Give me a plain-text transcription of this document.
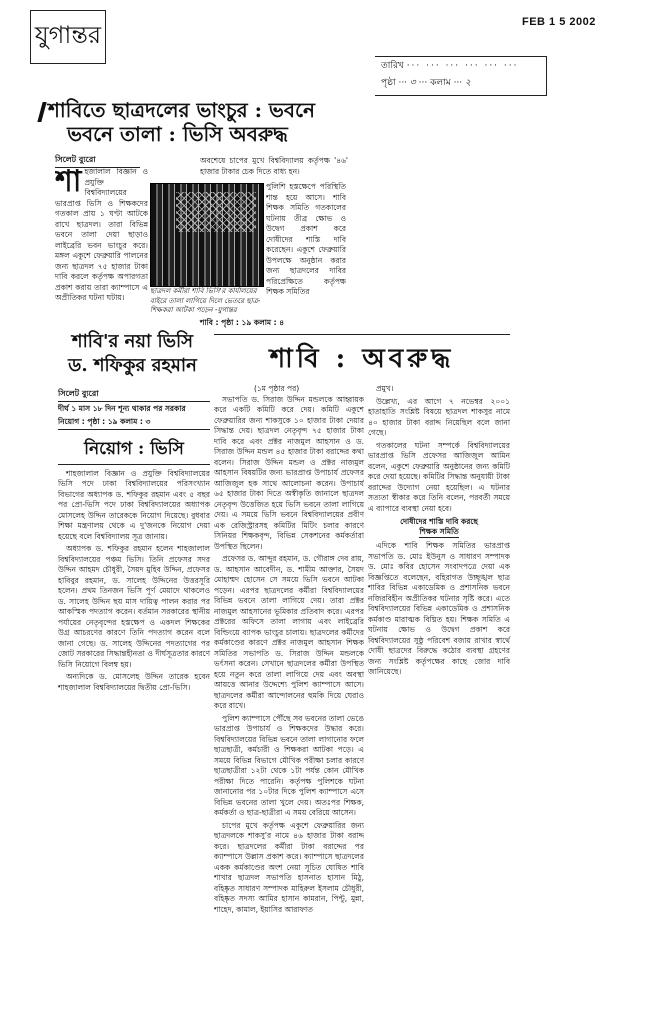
যুগান্তর	FEB 1 5 2002
তারিখ ··· ··· ··· ··· ··· ···
পৃষ্ঠা ··· ৩ ··· কলাম ··· ২
শাবিতে ছাত্রদলের ভাংচুর : ভবনে
ভবনে তালা : ভিসি অবরুদ্ধ
সিলেট ব্যুরো	অবশেষে চাপের মুখে বিশ্ববিদ্যালয় কর্তৃপক্ষ '৪৬' হাজার টাকার চেক দিতে বাধ্য হন।
শা হজালাল বিজ্ঞান ও প্রযুক্তি বিশ্ববিদ্যালয়ের ভারপ্রাপ্ত ভিসি ও শিক্ষকদের গতকাল প্রায় ১ ঘণ্টা আটকে রাখে ছাত্রদল। তারা বিভিন্ন ভবনে তালা দেয়া ছাড়াও লাইব্রেরি ভবন ভাংচুর করে। মঙ্গল একুশে ফেব্রুয়ারি পালনের জন্য ছাত্রদল ৭৫ হাজার টাকা দাবি করলে কর্তৃপক্ষ অপারগতা প্রকাশ করায় তারা ক্যাম্পাসে এ অপ্রীতিকর ঘটনা ঘটায়।
পুলিশি হস্তক্ষেপে পরিস্থিতি শান্ত হয়ে আসে। শাবি শিক্ষক সমিতি গতকালের ঘটনায় তীব্র ক্ষোভ ও উদ্বেগ প্রকাশ করে দোষীদের শাস্তি দাবি করেছেন। একুশে ফেব্রুয়ারি উপলক্ষে অনুষ্ঠান করার জন্য ছাত্রদলের দাবির পরিপ্রেক্ষিতে কর্তৃপক্ষ শিক্ষক সমিতির
ছাত্রদল কর্মীরা শাবি ভিসি'র কার্যালয়ের বাইরে তালা লাগিয়ে দিলে ভেতরে ছাত্র-শিক্ষকরা আটকা পড়েন -যুগান্তর
শাবি : পৃষ্ঠা : ১৯ কলাম : ৪
শাবি'র নয়া ভিসি
ড. শফিকুর রহমান
সিলেট ব্যুরো
দীর্ঘ ১ মাস ১৮ দিন শূন্য থাকার পর সরকার
নিয়োগ : পৃষ্ঠা : ১৯ কলাম : ৩
নিয়োগ : ভিসি

শাহজালাল বিজ্ঞান ও প্রযুক্তি বিশ্ববিদ্যালয়ের ভিসি পদে ঢাকা বিশ্ববিদ্যালয়ের পরিসংখ্যান বিভাগের অধ্যাপক ড. শফিকুর রহমান এবং ৫ বছর পর প্রো-ভিসি পদে ঢাকা বিশ্ববিদ্যালয়ের অধ্যাপক মোসলেহ উদ্দিন তারেককে নিয়োগ দিয়েছে। বুধবার শিক্ষা মন্ত্রণালয় থেকে এ দু'জনকে নিয়োগ দেয়া হয়েছে বলে বিশ্ববিদ্যালয় সূত্র জানায়।

অধ্যাপক ড. শফিকুর রহমান হলেন শাহজালাল বিশ্ববিদ্যালয়ের পঞ্চম ভিসি। তিনি প্রফেসর সদর উদ্দিন আহমদ চৌধুরী, সৈয়দ মুহিব উদ্দিন, প্রফেসর হাবিবুর রহমান, ড. সালেহ উদ্দিনের উত্তরসূরি হলেন। প্রথম তিনজন ভিসি পূর্ণ মেয়াদে থাকলেও ড. সালেহ উদ্দিন ছয় মাস দায়িত্ব পালন করার পর আকস্মিক পদত্যাগ করেন। বর্তমান সরকারের স্থানীয় পর্যায়ের নেতৃবৃন্দের হস্তক্ষেপ ও একদল শিক্ষকের উগ্র আচরণের কারণে তিনি পদত্যাগ করেন বলে জানা গেছে। ড. সালেহ উদ্দিনের পদত্যাগের পর জোট সরকারের সিদ্ধান্তহীনতা ও দীর্ঘসূত্রতার কারণে ভিসি নিয়োগে বিলম্ব হয়।

অন্যদিকে ড. মোসলেহ উদ্দিন তারেক হবেন শাহজালাল বিশ্ববিদ্যালয়ের দ্বিতীয় প্রো-ভিসি।

শাবি : অবরুদ্ধ
(১ম পৃষ্ঠার পর)

সভাপতি ড. সিরাজ উদ্দিন মন্ডলকে আহ্বায়ক করে একটি কমিটি করে দেয়। কমিটি একুশে ফেব্রুয়ারির জন্য শাকসুকে ১০ হাজার টাকা দেয়ার সিদ্ধান্ত দেয়। ছাত্রদল নেতৃবৃন্দ ৭৫ হাজার টাকা দাবি করে এবং প্রক্টর নাজমুল আহসান ও ড. সিরাজ উদ্দিন মন্ডল ৪৫ হাজার টাকা বরাদ্দের কথা বলেন। সিরাজ উদ্দিন মন্ডল ও প্রক্টর নাজমুল আহসান বিষয়টির জন্য ভারপ্রাপ্ত উপাচার্য প্রফেসর আজিজুল হক সাথে আলোচনা করেন। উপাচার্য ৬৫ হাজার টাকা দিতে অস্বীকৃতি জানালে ছাত্রদল নেতৃবৃন্দ উত্তেজিত হয়ে ভিসি ভবনে তালা লাগিয়ে দেয়। এ সময়ে ভিসি ভবনে বিশ্ববিদ্যালয়ের প্রবীণ এক রেজিস্ট্রারসহ কমিটির মিটিং চলার কারণে সিনিয়র শিক্ষকবৃন্দ, বিভিন্ন সেকশনের কর্মকর্তারা উপস্থিত ছিলেন।

প্রফেসর ড. আব্দুর রহমান, ড. গৌরাঙ্গ দেব রায়, ড. আহসান আবেদীন, ড. শামীম আক্তার, সৈয়দ মোহাম্মদ হোসেন সে সময়ে ভিসি ভবনে আটকা পড়েন। এরপর ছাত্রদলের কর্মীরা বিশ্ববিদ্যালয়ের বিভিন্ন ভবনে তালা লাগিয়ে দেয়। তারা প্রক্টর নাজমুল আহসানের ভূমিকার প্রতিবাদ করে। এরপর প্রক্টরের অফিসে তালা লাগায় এবং লাইব্রেরি বিল্ডিংয়ে ব্যাপক ভাংচুর চালায়। ছাত্রদলের কর্মীদের কর্মকাণ্ডের কারণে প্রক্টর নাজমুল আহসান শিক্ষক সমিতির সভাপতি ড. সিরাজ উদ্দিন মন্ডলকে ভর্ৎসনা করেন। সেখানে ছাত্রদলের কর্মীরা উপস্থিত হয়ে নতুন করে তালা লাগিয়ে দেয় এবং অবস্থা আয়ত্তে আনার উদ্দেশ্যে পুলিশ ক্যাম্পাসে আসে। ছাত্রদলের কর্মীরা আন্দোলনের হুমকি দিয়ে ঘেরাও করে রাখে।

পুলিশ ক্যাম্পাসে পৌঁছে সব ভবনের তালা ভেঙে ভারপ্রাপ্ত উপাচার্য ও শিক্ষকদের উদ্ধার করে। বিশ্ববিদ্যালয়ের বিভিন্ন ভবনে তালা লাগানোর ফলে ছাত্রছাত্রী, কর্মচারী ও শিক্ষকরা আটকা পড়ে। এ সময়ে বিভিন্ন বিভাগে মৌখিক পরীক্ষা চলার কারণে ছাত্রছাত্রীরা ১২টা থেকে ১টা পর্যন্ত কোন মৌখিক পরীক্ষা দিতে পারেনি। কর্তৃপক্ষ পুলিশকে ঘটনা জানানোর পর ১০টার দিকে পুলিশ ক্যাম্পাসে এসে বিভিন্ন ভবনের তালা খুলে দেয়। অতঃপর শিক্ষক, কর্মকর্তা ও ছাত্র-ছাত্রীরা এ সময় বেরিয়ে আসেন।

চাপের মুখে কর্তৃপক্ষ একুশে ফেব্রুয়ারির জন্য ছাত্রদলকে শাকসু'র নামে ৪৬ হাজার টাকা বরাদ্দ করে। ছাত্রদলের কর্মীরা টাকা বরাদ্দের পর ক্যাম্পাসে উল্লাস প্রকাশ করে। ক্যাম্পাসে ছাত্রদলের একক কর্মকাণ্ডের অংশ নেয়া সূচিত ঘোষিত শাবি শাখার ছাত্রদল সভাপতি হাসনাত হাসান মিঠু, বহিষ্কৃত সাধারণ সম্পাদক মাহিরুল ইসলাম চৌধুরী, বহিষ্কৃত সদস্য আমির হাসান কামরান, পিন্টু, মুন্না, শাহেদ, কামাল, ইয়াসির আরাফাত

প্রমুখ।

উল্লেখ্য, এর আগে ৭ নভেম্বর ২০০১ হাতাহাতি সংশ্লিষ্ট বিষয়ে ছাত্রদল শাকসুর নামে ৪০ হাজার টাকা বরাদ্দ নিয়েছিল বলে জানা গেছে।

গতকালের ঘটনা সম্পর্কে বিশ্ববিদ্যালয়ের ভারপ্রাপ্ত ভিসি প্রফেসর আজিজুল আমিন বলেন, একুশে ফেব্রুয়ারি অনুষ্ঠানের জন্য কমিটি করে দেয়া হয়েছে। কমিটির সিদ্ধান্ত অনুযায়ী টাকা বরাদ্দের উদ্যোগ নেয়া হয়েছিল। এ ঘটনার সত্যতা স্বীকার করে তিনি বলেন, পরবর্তী সময়ে এ ব্যাপারে ব্যবস্থা নেয়া হবে।

দোষীদের শাস্তি দাবি করছে
শিক্ষক সমিতি

এদিকে শাবি শিক্ষক সমিতির ভারপ্রাপ্ত সভাপতি ড. মোঃ ইউনুস ও সাধারণ সম্পাদক ড. মোঃ কবির হোসেন সংবাদপত্রে দেয়া এক বিজ্ঞপ্তিতে বলেছেন, বহিরাগত উচ্ছৃঙ্খল ছাত্র শাবির বিভিন্ন একাডেমিক ও প্রশাসনিক ভবনে নজিরবিহীন অপ্রীতিকর ঘটনার সৃষ্টি করে। এতে বিশ্ববিদ্যালয়ের বিভিন্ন একাডেমিক ও প্রশাসনিক কর্মকাণ্ড মারাত্মক বিঘ্নিত হয়। শিক্ষক সমিতি এ ঘটনায় ক্ষোভ ও উদ্বেগ প্রকাশ করে বিশ্ববিদ্যালয়ের সুষ্ঠু পরিবেশ বজায় রাখার স্বার্থে দোষী ছাত্রদের বিরুদ্ধে কঠোর ব্যবস্থা গ্রহণের জন্য সংশ্লিষ্ট কর্তৃপক্ষের কাছে জোর দাবি জানিয়েছে।
